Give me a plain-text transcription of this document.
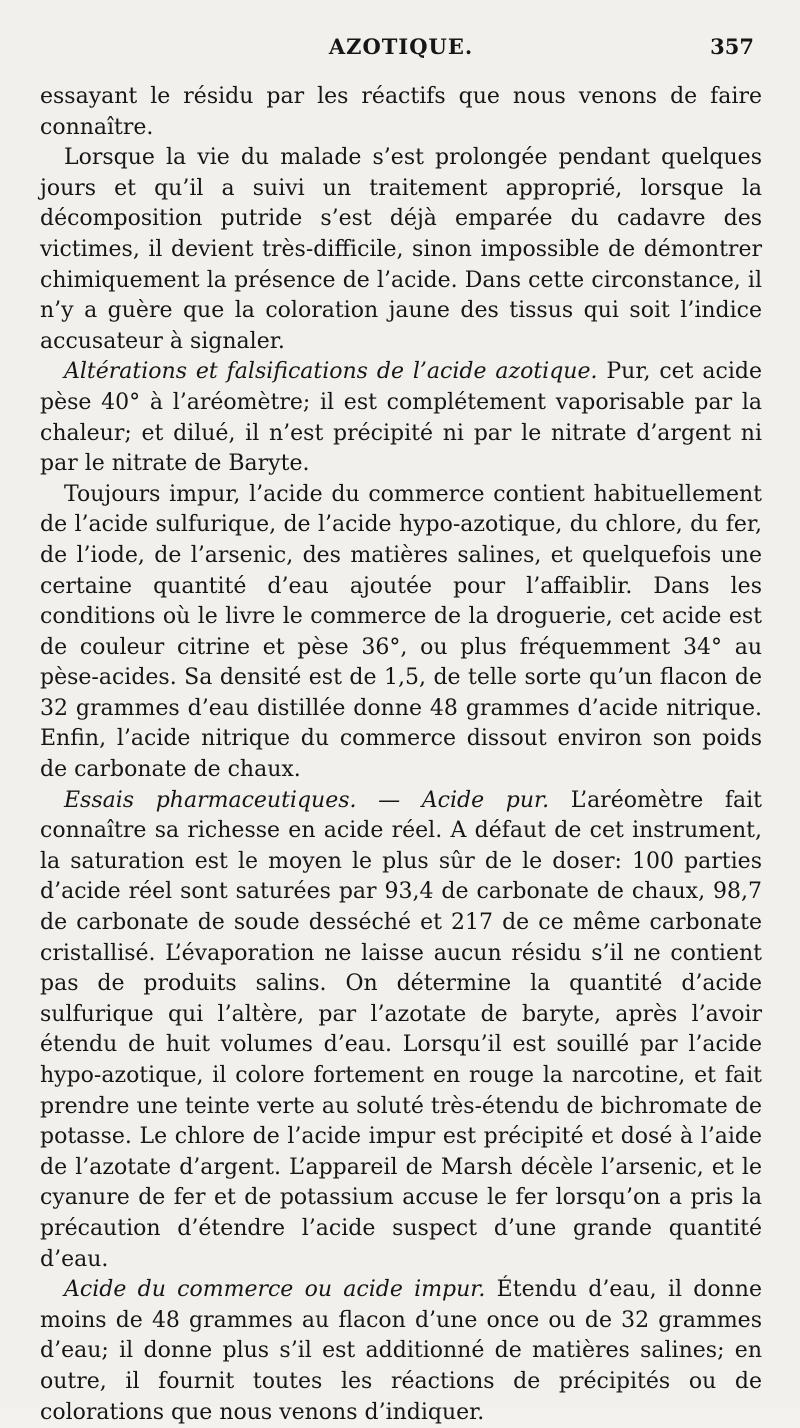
AZOTIQUE.	357

essayant le résidu par les réactifs que nous venons de faire connaître.

Lorsque la vie du malade s’est prolongée pendant quelques jours et qu’il a suivi un traitement approprié, lorsque la décomposition putride s’est déjà emparée du cadavre des victimes, il devient très-difficile, sinon impossible de démontrer chimiquement la présence de l’acide. Dans cette circonstance, il n’y a guère que la coloration jaune des tissus qui soit l’indice accusateur à signaler.

Altérations et falsifications de l’acide azotique. Pur, cet acide pèse 40° à l’aréomètre; il est complétement vaporisable par la chaleur; et dilué, il n’est précipité ni par le nitrate d’argent ni par le nitrate de Baryte.

Toujours impur, l’acide du commerce contient habituellement de l’acide sulfurique, de l’acide hypo-azotique, du chlore, du fer, de l’iode, de l’arsenic, des matières salines, et quelquefois une certaine quantité d’eau ajoutée pour l’affaiblir. Dans les conditions où le livre le commerce de la droguerie, cet acide est de couleur citrine et pèse 36°, ou plus fréquemment 34° au pèse-acides. Sa densité est de 1,5, de telle sorte qu’un flacon de 32 grammes d’eau distillée donne 48 grammes d’acide nitrique. Enfin, l’acide nitrique du commerce dissout environ son poids de carbonate de chaux.

Essais pharmaceutiques. — Acide pur. L’aréomètre fait connaître sa richesse en acide réel. A défaut de cet instrument, la saturation est le moyen le plus sûr de le doser: 100 parties d’acide réel sont saturées par 93,4 de carbonate de chaux, 98,7 de carbonate de soude desséché et 217 de ce même carbonate cristallisé. L’évaporation ne laisse aucun résidu s’il ne contient pas de produits salins. On détermine la quantité d’acide sulfurique qui l’altère, par l’azotate de baryte, après l’avoir étendu de huit volumes d’eau. Lorsqu’il est souillé par l’acide hypo-azotique, il colore fortement en rouge la narcotine, et fait prendre une teinte verte au soluté très-étendu de bichromate de potasse. Le chlore de l’acide impur est précipité et dosé à l’aide de l’azotate d’argent. L’appareil de Marsh décèle l’arsenic, et le cyanure de fer et de potassium accuse le fer lorsqu’on a pris la précaution d’étendre l’acide suspect d’une grande quantité d’eau.

Acide du commerce ou acide impur. Étendu d’eau, il donne moins de 48 grammes au flacon d’une once ou de 32 grammes d’eau; il donne plus s’il est additionné de matières salines; en outre, il fournit toutes les réactions de précipités ou de colorations que nous venons d’indiquer.
